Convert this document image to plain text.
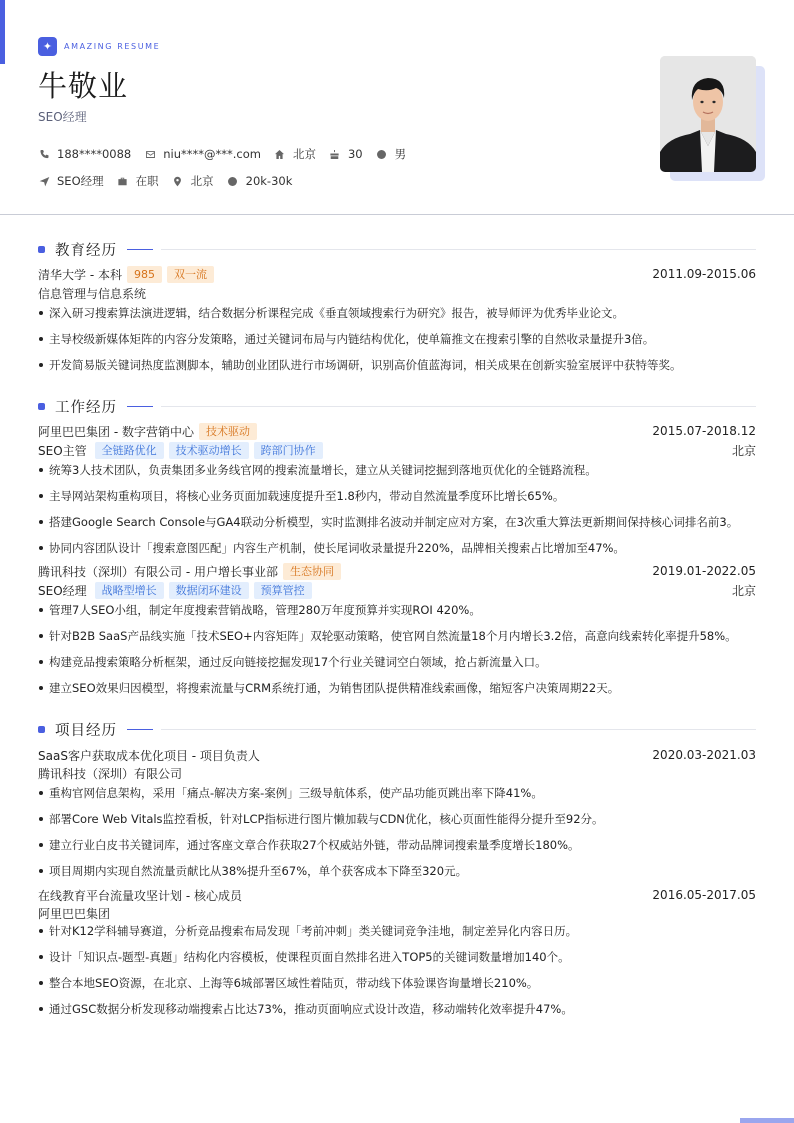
✦	AMAZING RESUME
牛敬业
SEO经理
188****0088	niu****@***.com	北京	30	男
SEO经理	在职	北京	20k-30k
教育经历
清华大学 - 本科	985	双一流	2011.09-2015.06
信息管理与信息系统
深入研习搜索算法演进逻辑，结合数据分析课程完成《垂直领域搜索行为研究》报告，被导师评为优秀毕业论文。
主导校级新媒体矩阵的内容分发策略，通过关键词布局与内链结构优化，使单篇推文在搜索引擎的自然收录量提升3倍。
开发简易版关键词热度监测脚本，辅助创业团队进行市场调研，识别高价值蓝海词，相关成果在创新实验室展评中获特等奖。
工作经历
阿里巴巴集团 - 数字营销中心	技术驱动	2015.07-2018.12
SEO主管	全链路优化	技术驱动增长	跨部门协作	北京
统筹3人技术团队，负责集团多业务线官网的搜索流量增长，建立从关键词挖掘到落地页优化的全链路流程。
主导网站架构重构项目，将核心业务页面加载速度提升至1.8秒内，带动自然流量季度环比增长65%。
搭建Google Search Console与GA4联动分析模型，实时监测排名波动并制定应对方案，在3次重大算法更新期间保持核心词排名前3。
协同内容团队设计「搜索意图匹配」内容生产机制，使长尾词收录量提升220%，品牌相关搜索占比增加至47%。
腾讯科技（深圳）有限公司 - 用户增长事业部	生态协同	2019.01-2022.05
SEO经理	战略型增长	数据闭环建设	预算管控	北京
管理7人SEO小组，制定年度搜索营销战略，管理280万年度预算并实现ROI 420%。
针对B2B SaaS产品线实施「技术SEO+内容矩阵」双轮驱动策略，使官网自然流量18个月内增长3.2倍，高意向线索转化率提升58%。
构建竞品搜索策略分析框架，通过反向链接挖掘发现17个行业关键词空白领域，抢占新流量入口。
建立SEO效果归因模型，将搜索流量与CRM系统打通，为销售团队提供精准线索画像，缩短客户决策周期22天。
项目经历
SaaS客户获取成本优化项目 - 项目负责人	2020.03-2021.03
腾讯科技（深圳）有限公司
重构官网信息架构，采用「痛点-解决方案-案例」三级导航体系，使产品功能页跳出率下降41%。
部署Core Web Vitals监控看板，针对LCP指标进行图片懒加载与CDN优化，核心页面性能得分提升至92分。
建立行业白皮书关键词库，通过客座文章合作获取27个权威站外链，带动品牌词搜索量季度增长180%。
项目周期内实现自然流量贡献比从38%提升至67%，单个获客成本下降至320元。
在线教育平台流量攻坚计划 - 核心成员	2016.05-2017.05
阿里巴巴集团
针对K12学科辅导赛道，分析竞品搜索布局发现「考前冲刺」类关键词竞争洼地，制定差异化内容日历。
设计「知识点-题型-真题」结构化内容模板，使课程页面自然排名进入TOP5的关键词数量增加140个。
整合本地SEO资源，在北京、上海等6城部署区域性着陆页，带动线下体验课咨询量增长210%。
通过GSC数据分析发现移动端搜索占比达73%，推动页面响应式设计改造，移动端转化效率提升47%。
